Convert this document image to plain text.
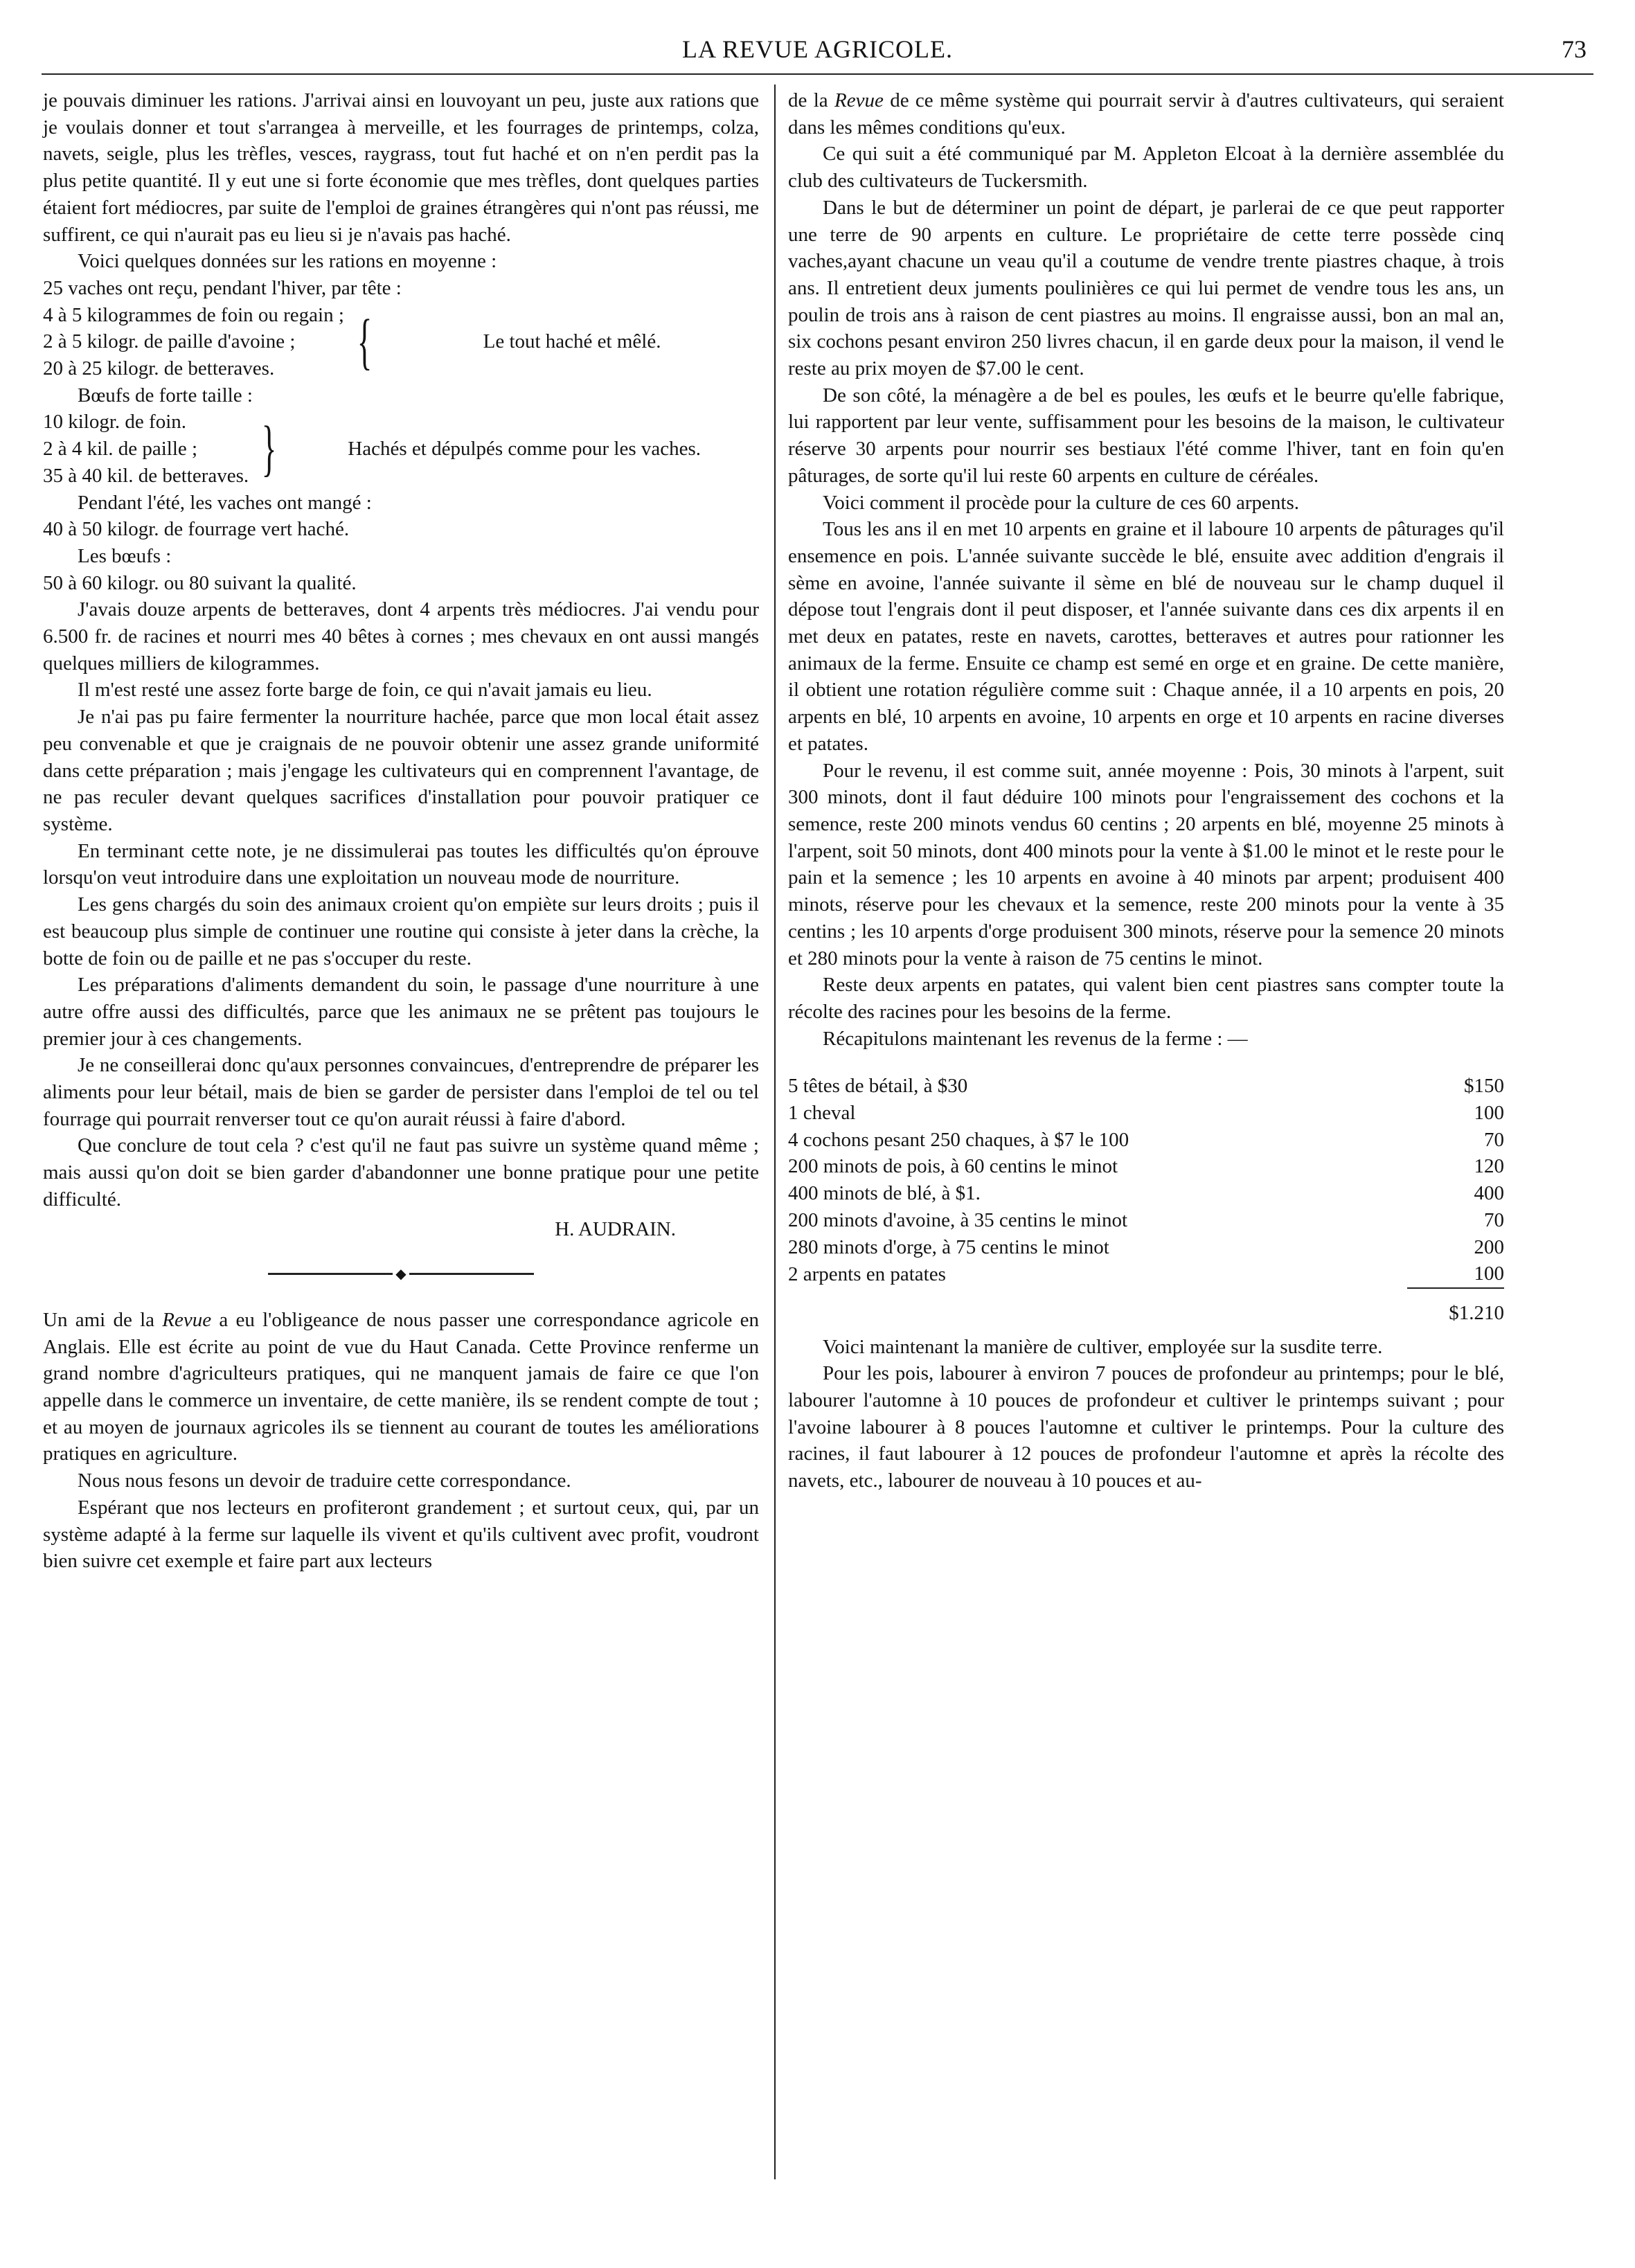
LA REVUE AGRICOLE.	73

je pouvais diminuer les rations. J'arrivai ainsi en louvoyant un peu, juste aux rations que je voulais donner et tout s'arrangea à merveille, et les fourrages de printemps, colza, navets, seigle, plus les trèfles, vesces, raygrass, tout fut haché et on n'en perdit pas la plus petite quantité. Il y eut une si forte économie que mes trèfles, dont quelques parties étaient fort médiocres, par suite de l'emploi de graines étrangères qui n'ont pas réussi, me suffirent, ce qui n'aurait pas eu lieu si je n'avais pas haché.

Voici quelques données sur les rations en moyenne :

25 vaches ont reçu, pendant l'hiver, par tête :

4 à 5 kilogrammes de foin ou regain ;
2 à 5 kilogr. de paille d'avoine ;
20 à 25 kilogr. de betteraves.	{	Le tout haché et mêlé.

Bœufs de forte taille :

10 kilogr. de foin.
2 à 4 kil. de paille ;
35 à 40 kil. de betteraves. }	Hachés et dépulpés comme pour les vaches.

Pendant l'été, les vaches ont mangé :

40 à 50 kilogr. de fourrage vert haché.

Les bœufs :

50 à 60 kilogr. ou 80 suivant la qualité.

J'avais douze arpents de betteraves, dont 4 arpents très médiocres. J'ai vendu pour 6.500 fr. de racines et nourri mes 40 bêtes à cornes ; mes chevaux en ont aussi mangés quelques milliers de kilogrammes.

Il m'est resté une assez forte barge de foin, ce qui n'avait jamais eu lieu.

Je n'ai pas pu faire fermenter la nourriture hachée, parce que mon local était assez peu convenable et que je craignais de ne pouvoir obtenir une assez grande uniformité dans cette préparation ; mais j'engage les cultivateurs qui en comprennent l'avantage, de ne pas reculer devant quelques sacrifices d'installation pour pouvoir pratiquer ce système.

En terminant cette note, je ne dissimulerai pas toutes les difficultés qu'on éprouve lorsqu'on veut introduire dans une exploitation un nouveau mode de nourriture.

Les gens chargés du soin des animaux croient qu'on empiète sur leurs droits ; puis il est beaucoup plus simple de continuer une routine qui consiste à jeter dans la crèche, la botte de foin ou de paille et ne pas s'occuper du reste.

Les préparations d'aliments demandent du soin, le passage d'une nourriture à une autre offre aussi des difficultés, parce que les animaux ne se prêtent pas toujours le premier jour à ces changements.

Je ne conseillerai donc qu'aux personnes convaincues, d'entreprendre de préparer les aliments pour leur bétail, mais de bien se garder de persister dans l'emploi de tel ou tel fourrage qui pourrait renverser tout ce qu'on aurait réussi à faire d'abord.

Que conclure de tout cela ? c'est qu'il ne faut pas suivre un système quand même ; mais aussi qu'on doit se bien garder d'abandonner une bonne pratique pour une petite difficulté.

H. AUDRAIN.
◆

Un ami de la Revue a eu l'obligeance de nous passer une correspondance agricole en Anglais. Elle est écrite au point de vue du Haut Canada. Cette Province renferme un grand nombre d'agriculteurs pratiques, qui ne manquent jamais de faire ce que l'on appelle dans le commerce un inventaire, de cette manière, ils se rendent compte de tout ; et au moyen de journaux agricoles ils se tiennent au courant de toutes les améliorations pratiques en agriculture.

Nous nous fesons un devoir de traduire cette correspondance.

Espérant que nos lecteurs en profiteront grandement ; et surtout ceux, qui, par un système adapté à la ferme sur laquelle ils vivent et qu'ils cultivent avec profit, voudront bien suivre cet exemple et faire part aux lecteurs

de la Revue de ce même système qui pourrait servir à d'autres cultivateurs, qui seraient dans les mêmes conditions qu'eux.

Ce qui suit a été communiqué par M. Appleton Elcoat à la dernière assemblée du club des cultivateurs de Tuckersmith.

Dans le but de déterminer un point de départ, je parlerai de ce que peut rapporter une terre de 90 arpents en culture. Le propriétaire de cette terre possède cinq vaches,ayant chacune un veau qu'il a coutume de vendre trente piastres chaque, à trois ans. Il entretient deux juments poulinières ce qui lui permet de vendre tous les ans, un poulin de trois ans à raison de cent piastres au moins. Il engraisse aussi, bon an mal an, six cochons pesant environ 250 livres chacun, il en garde deux pour la maison, il vend le reste au prix moyen de $7.00 le cent.

De son côté, la ménagère a de bel es poules, les œufs et le beurre qu'elle fabrique, lui rapportent par leur vente, suffisamment pour les besoins de la maison, le cultivateur réserve 30 arpents pour nourrir ses bestiaux l'été comme l'hiver, tant en foin qu'en pâturages, de sorte qu'il lui reste 60 arpents en culture de céréales.

Voici comment il procède pour la culture de ces 60 arpents.

Tous les ans il en met 10 arpents en graine et il laboure 10 arpents de pâturages qu'il ensemence en pois. L'année suivante succède le blé, ensuite avec addition d'engrais il sème en avoine, l'année suivante il sème en blé de nouveau sur le champ duquel il dépose tout l'engrais dont il peut disposer, et l'année suivante dans ces dix arpents il en met deux en patates, reste en navets, carottes, betteraves et autres pour rationner les animaux de la ferme. Ensuite ce champ est semé en orge et en graine. De cette manière, il obtient une rotation régulière comme suit : Chaque année, il a 10 arpents en pois, 20 arpents en blé, 10 arpents en avoine, 10 arpents en orge et 10 arpents en racine diverses et patates.

Pour le revenu, il est comme suit, année moyenne : Pois, 30 minots à l'arpent, suit 300 minots, dont il faut déduire 100 minots pour l'engraissement des cochons et la semence, reste 200 minots vendus 60 centins ; 20 arpents en blé, moyenne 25 minots à l'arpent, soit 50 minots, dont 400 minots pour la vente à $1.00 le minot et le reste pour le pain et la semence ; les 10 arpents en avoine à 40 minots par arpent; produisent 400 minots, réserve pour les chevaux et la semence, reste 200 minots pour la vente à 35 centins ; les 10 arpents d'orge produisent 300 minots, réserve pour la semence 20 minots et 280 minots pour la vente à raison de 75 centins le minot.

Reste deux arpents en patates, qui valent bien cent piastres sans compter toute la récolte des racines pour les besoins de la ferme.

Récapitulons maintenant les revenus de la ferme : —

5 têtes de bétail, à $30	$150
1 cheval	100
4 cochons pesant 250 chaques, à $7 le 100	70
200 minots de pois, à 60 centins le minot	120
400 minots de blé, à $1.	400
200 minots d'avoine, à 35 centins le minot	70
280 minots d'orge, à 75 centins le minot	200
2 arpents en patates	100
	$1.210

Voici maintenant la manière de cultiver, employée sur la susdite terre.

Pour les pois, labourer à environ 7 pouces de profondeur au printemps; pour le blé, labourer l'automne à 10 pouces de profondeur et cultiver le printemps suivant ; pour l'avoine labourer à 8 pouces l'automne et cultiver le printemps. Pour la culture des racines, il faut labourer à 12 pouces de profondeur l'automne et après la récolte des navets, etc., labourer de nouveau à 10 pouces et au-
